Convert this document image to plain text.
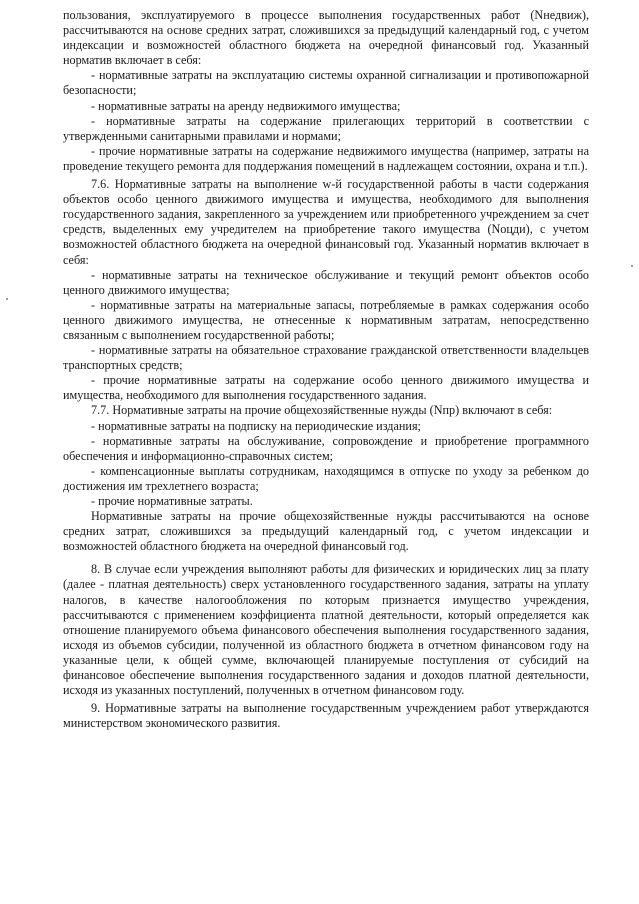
пользования, эксплуатируемого в процессе выполнения государственных работ (Nнедвиж), рассчитываются на основе средних затрат, сложившихся за предыдущий календарный год, с учетом индексации и возможностей областного бюджета на очередной финансовый год. Указанный норматив включает в себя:

- нормативные затраты на эксплуатацию системы охранной сигнализации и противопожарной безопасности;

- нормативные затраты на аренду недвижимого имущества;

- нормативные затраты на содержание прилегающих территорий в соответствии с утвержденными санитарными правилами и нормами;

- прочие нормативные затраты на содержание недвижимого имущества (например, затраты на проведение текущего ремонта для поддержания помещений в надлежащем состоянии, охрана и т.п.).

7.6. Нормативные затраты на выполнение w-й государственной работы в части содержания объектов особо ценного движимого имущества и имущества, необходимого для выполнения государственного задания, закрепленного за учреждением или приобретенного учреждением за счет средств, выделенных ему учредителем на приобретение такого имущества (Nоцди), с учетом возможностей областного бюджета на очередной финансовый год. Указанный норматив включает в себя:

- нормативные затраты на техническое обслуживание и текущий ремонт объектов особо ценного движимого имущества;

- нормативные затраты на материальные запасы, потребляемые в рамках содержания особо ценного движимого имущества, не отнесенные к нормативным затратам, непосредственно связанным с выполнением государственной работы;

- нормативные затраты на обязательное страхование гражданской ответственности владельцев транспортных средств;

- прочие нормативные затраты на содержание особо ценного движимого имущества и имущества, необходимого для выполнения государственного задания.

7.7. Нормативные затраты на прочие общехозяйственные нужды (Nпр) включают в себя:

- нормативные затраты на подписку на периодические издания;

- нормативные затраты на обслуживание, сопровождение и приобретение программного обеспечения и информационно-справочных систем;

- компенсационные выплаты сотрудникам, находящимся в отпуске по уходу за ребенком до достижения им трехлетнего возраста;

- прочие нормативные затраты.

Нормативные затраты на прочие общехозяйственные нужды рассчитываются на основе средних затрат, сложившихся за предыдущий календарный год, с учетом индексации и возможностей областного бюджета на очередной финансовый год.

8. В случае если учреждения выполняют работы для физических и юридических лиц за плату (далее - платная деятельность) сверх установленного государственного задания, затраты на уплату налогов, в качестве налогообложения по которым признается имущество учреждения, рассчитываются с применением коэффициента платной деятельности, который определяется как отношение планируемого объема финансового обеспечения выполнения государственного задания, исходя из объемов субсидии, полученной из областного бюджета в отчетном финансовом году на указанные цели, к общей сумме, включающей планируемые поступления от субсидий на финансовое обеспечение выполнения государственного задания и доходов платной деятельности, исходя из указанных поступлений, полученных в отчетном финансовом году.

9. Нормативные затраты на выполнение государственным учреждением работ утверждаются министерством экономического развития.
